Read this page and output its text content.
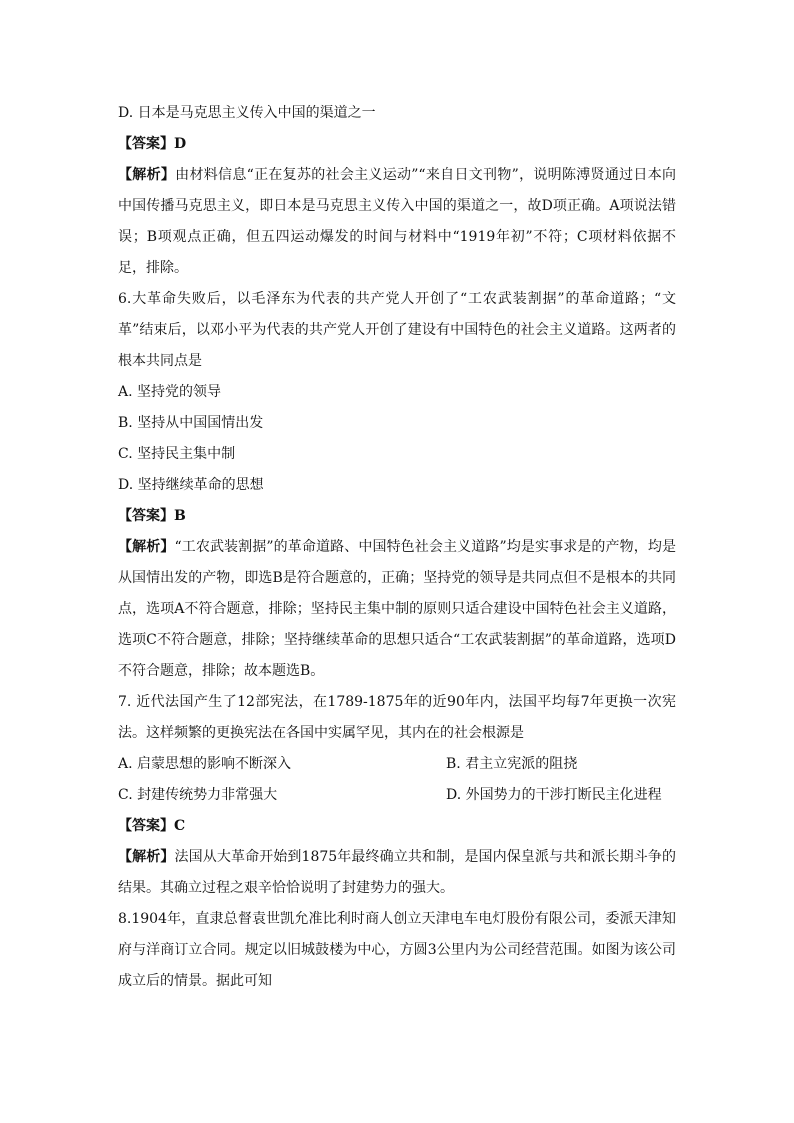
D. 日本是马克思主义传入中国的渠道之一
【答案】D
【解析】由材料信息“正在复苏的社会主义运动”“来自日文刊物”，说明陈溥贤通过日本向中国传播马克思主义，即日本是马克思主义传入中国的渠道之一，故D项正确。A项说法错误；B项观点正确，但五四运动爆发的时间与材料中“1919年初”不符；C项材料依据不足，排除。
6.大革命失败后，以毛泽东为代表的共产党人开创了“工农武装割据”的革命道路；“文革”结束后，以邓小平为代表的共产党人开创了建设有中国特色的社会主义道路。这两者的根本共同点是
A. 坚持党的领导
B. 坚持从中国国情出发
C. 坚持民主集中制
D. 坚持继续革命的思想
【答案】B
【解析】“工农武装割据”的革命道路、中国特色社会主义道路”均是实事求是的产物，均是从国情出发的产物，即选B是符合题意的，正确；坚持党的领导是共同点但不是根本的共同点，选项A不符合题意，排除；坚持民主集中制的原则只适合建设中国特色社会主义道路，选项C不符合题意，排除；坚持继续革命的思想只适合“工农武装割据”的革命道路，选项D不符合题意，排除；故本题选B。
7. 近代法国产生了12部宪法，在1789-1875年的近90年内，法国平均每7年更换一次宪法。这样频繁的更换宪法在各国中实属罕见，其内在的社会根源是
A. 启蒙思想的影响不断深入	B. 君主立宪派的阻挠
C. 封建传统势力非常强大	D. 外国势力的干涉打断民主化进程
【答案】C
【解析】法国从大革命开始到1875年最终确立共和制，是国内保皇派与共和派长期斗争的结果。其确立过程之艰辛恰恰说明了封建势力的强大。
8.1904年，直隶总督袁世凯允准比利时商人创立天津电车电灯股份有限公司，委派天津知府与洋商订立合同。规定以旧城鼓楼为中心，方圆3公里内为公司经营范围。如图为该公司成立后的情景。据此可知
